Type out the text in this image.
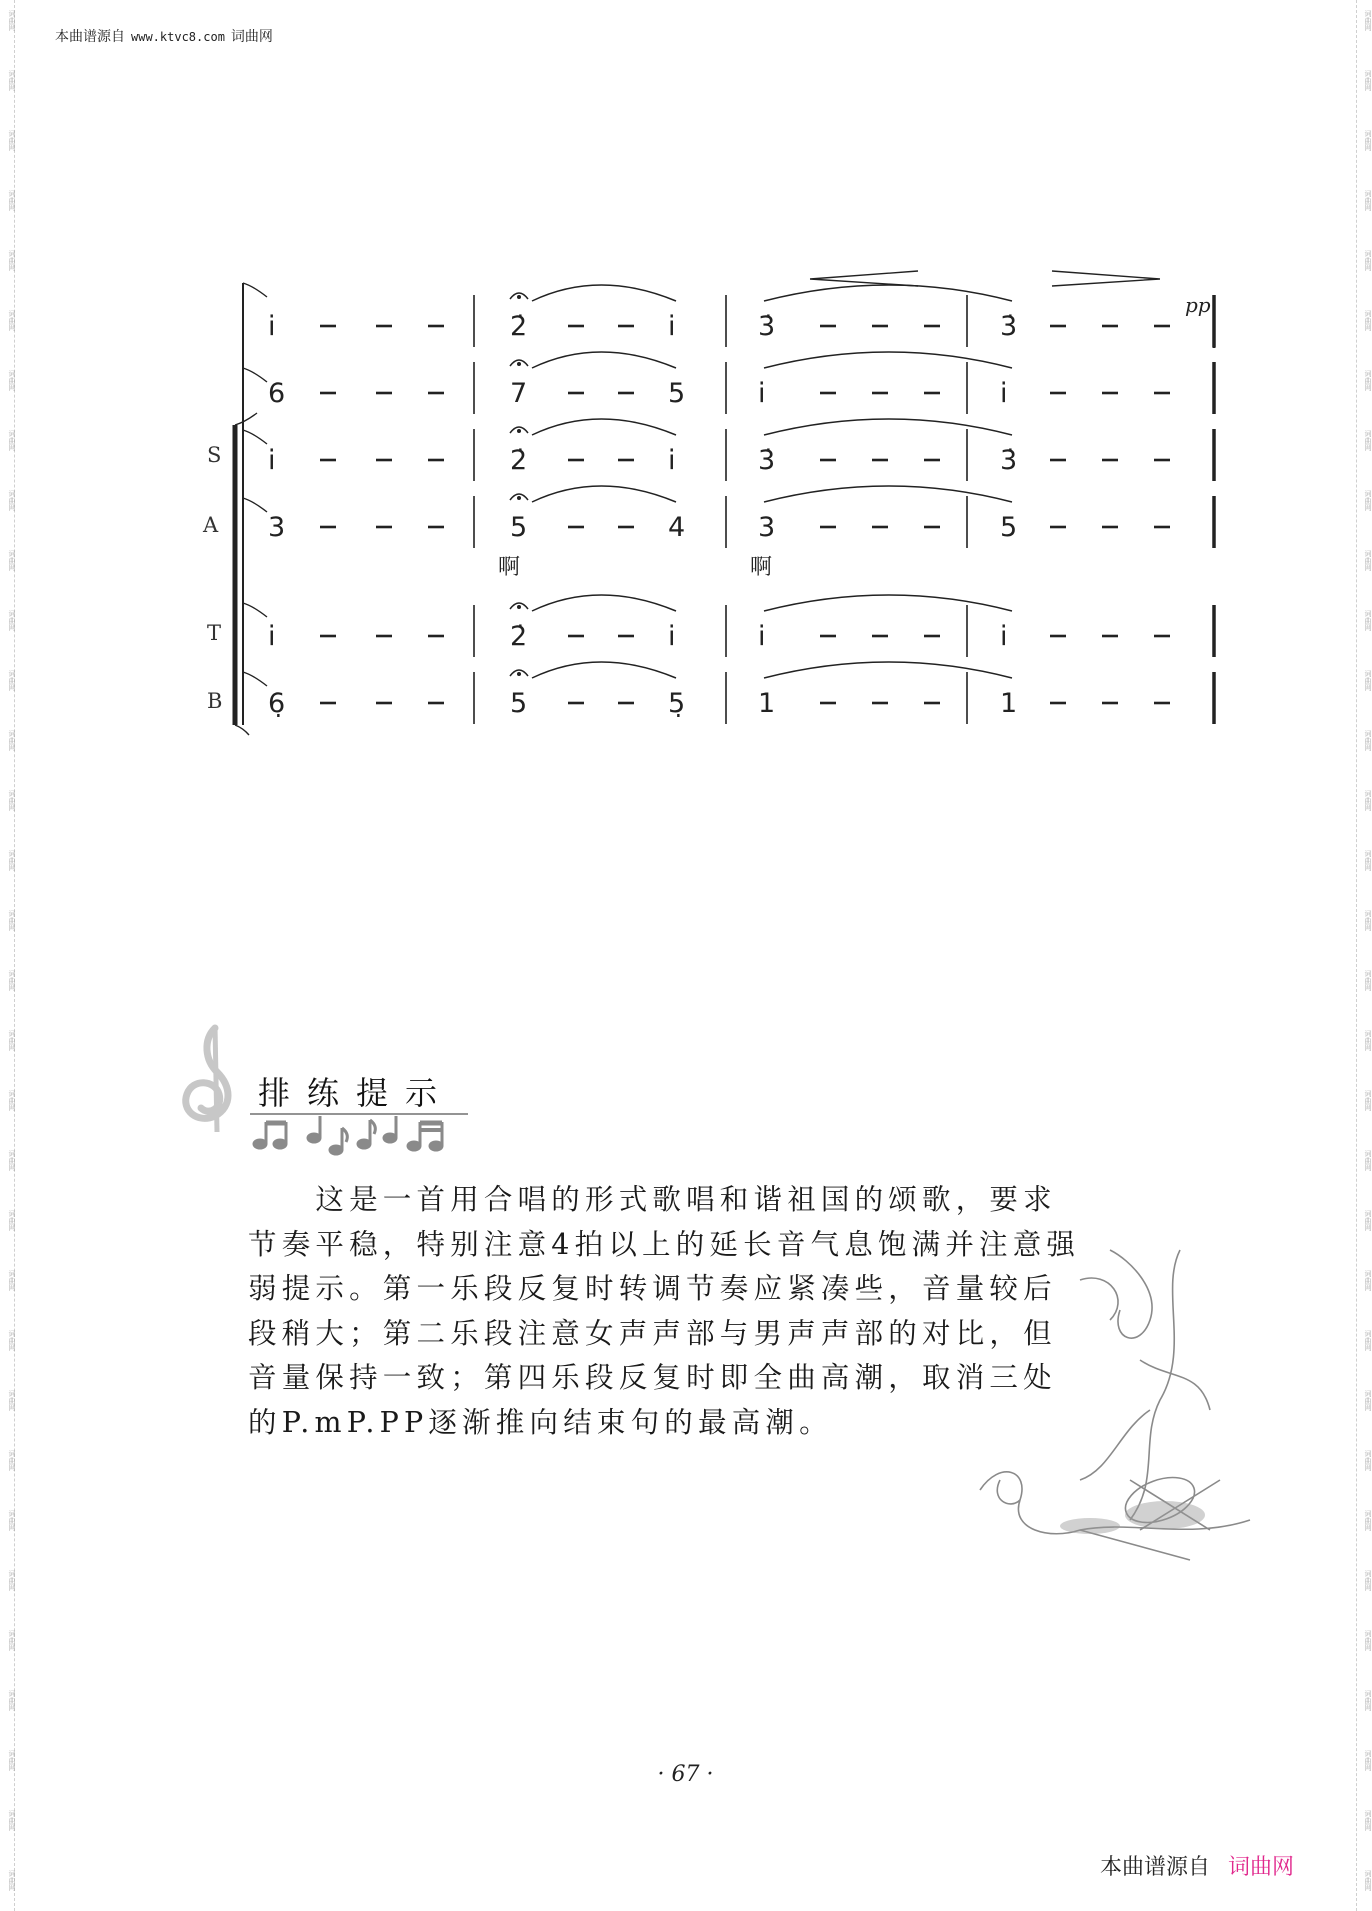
词曲网	词曲网
词曲网	词曲网
词曲网	词曲网
词曲网	词曲网
词曲网	词曲网
词曲网	词曲网
词曲网	词曲网
词曲网	词曲网
词曲网	词曲网
词曲网	词曲网
词曲网	词曲网
词曲网	词曲网
词曲网	词曲网
词曲网	词曲网
词曲网	词曲网
词曲网	词曲网
词曲网	词曲网
词曲网	词曲网
词曲网	词曲网
词曲网	词曲网
词曲网	词曲网
词曲网	词曲网
词曲网	词曲网
词曲网	词曲网
词曲网	词曲网
词曲网	词曲网
词曲网	词曲网
词曲网	词曲网
词曲网	词曲网
词曲网	词曲网
词曲网	词曲网
词曲网	词曲网
本曲谱源自 www.ktvc8.com 词曲网
pp
S
A
T
B
啊	啊
i̇	2̇	i̇	3̇	3̇
6	7	5	i̇	i̇
i̇	2̇	i̇	3̇	3̇
3	5	4	3	5
i̇	2̇	i̇	i̇	i̇
6̣	5	5̣	1	1
排练提示

　　这是一首用合唱的形式歌唱和谐祖国的颂歌，要求

节奏平稳，特别注意4拍以上的延长音气息饱满并注意强

弱提示。第一乐段反复时转调节奏应紧凑些，音量较后

段稍大；第二乐段注意女声声部与男声声部的对比，但

音量保持一致；第四乐段反复时即全曲高潮，取消三处

的P.mP.PP逐渐推向结束句的最高潮。

· 67 ·
本曲谱源自 词曲网
